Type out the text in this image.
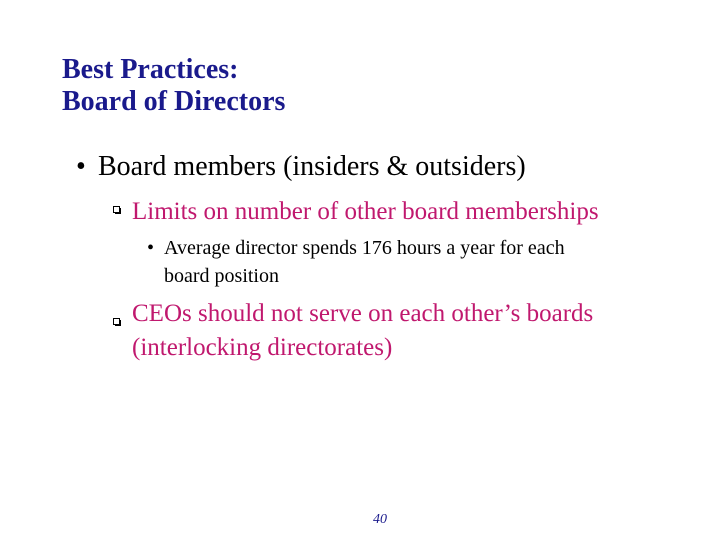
Best Practices:
Board of Directors
• Board members (insiders & outsiders)
Limits on number of other board memberships
• Average director spends 176 hours a year for each
board position
CEOs should not serve on each other’s boards
(interlocking directorates)
40
